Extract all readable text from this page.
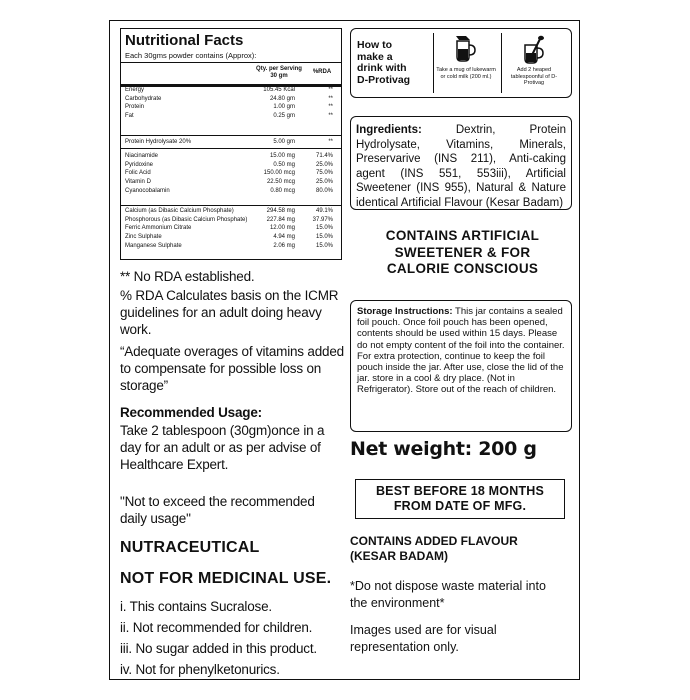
Nutritional Facts
Each 30gms powder contains (Approx):
Qty. per Serving
30 gm
%RDA
Energy	105.45 Kcal	**
Carbohydrate	24.80 gm	**
Protein	1.00 gm	**
Fat	0.25 gm	**
Protein Hydrolysate 20%	5.00 gm	**
Niacinamide	15.00 mg	71.4%
Pyridoxine	0.50 mg	25.0%
Folic Acid	150.00 mcg	75.0%
Vitamin D	22.50 mcg	25.0%
Cyanocobalamin	0.80 mcg	80.0%
Calcium (as Dibasic Calcium Phosphate)	294.58 mg	49.1%
Phosphorous (as Dibasic Calcium Phosphate)	227.84 mg	37.97%
Ferric Ammonium Citrate	12.00 mg	15.0%
Zinc Sulphate	4.94 mg	15.0%
Manganese Sulphate	2.06 mg	15.0%
** No RDA established.
% RDA Calculates basis on the ICMR
guidelines for an adult doing heavy
work.
“Adequate overages of vitamins added
to compensate for possible loss on
storage”
Recommended Usage:
Take 2 tablespoon (30gm)once in a
day for an adult or as per advise of
Healthcare Expert.
"Not to exceed the recommended
daily usage"
NUTRACEUTICAL
NOT FOR MEDICINAL USE.
i. This contains Sucralose.
ii. Not recommended for children.
iii. No sugar added in this product.
iv. Not for phenylketonurics.
How to
make a
drink with
D-Protivag
Take a mug of lukewarm or cold milk (200 ml.)
Add 2 heaped tablespoonful of D-Protivag
Ingredients: Dextrin, Protein Hydrolysate, Vitamins, Minerals, Preservarive (INS 211), Anti-caking agent (INS 551, 553iii), Artificial Sweetener (INS 955), Natural & Nature identical Artificial Flavour (Kesar Badam)
CONTAINS ARTIFICIAL
SWEETENER & FOR
CALORIE CONSCIOUS
Storage Instructions: This jar contains a sealed foil pouch. Once foil pouch has been opened, contents should be used within 15 days. Please do not empty content of the foil into the container. For extra protection, continue to keep the foil pouch inside the jar. After use, close the lid of the jar. store in a cool & dry place. (Not in Refrigerator). Store out of the reach of children.
Net weight: 200 g
BEST BEFORE 18 MONTHS
FROM DATE OF MFG.
CONTAINS ADDED FLAVOUR
(KESAR BADAM)
*Do not dispose waste material into
the environment*
Images used are for visual
representation only.
